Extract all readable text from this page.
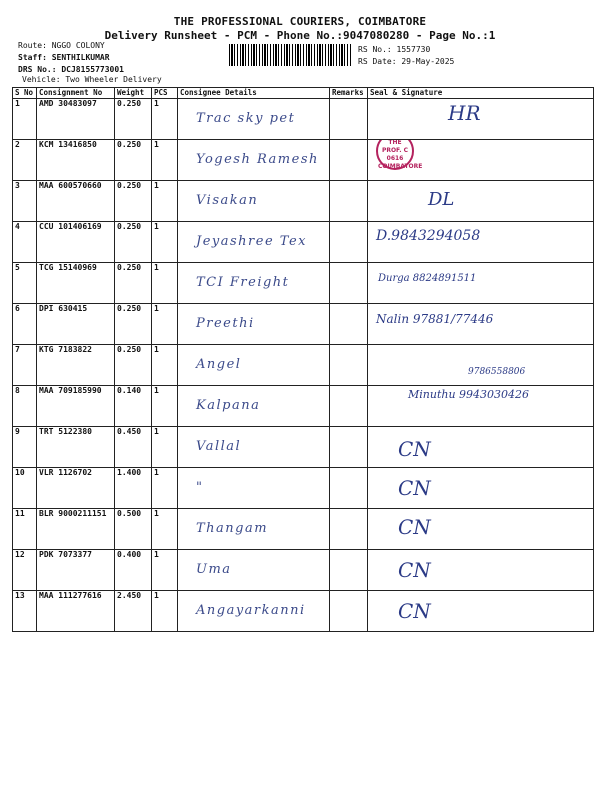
THE PROFESSIONAL COURIERS, COIMBATORE
Delivery Runsheet - PCM - Phone No.:9047080280 - Page No.:1
Route: NGGO COLONY
Staff: SENTHILKUMAR
DRS No.: DCJ8155773001
Vehicle: Two Wheeler Delivery
RS No.: 1557730
RS Date: 29-May-2025
S No	Consignment No	Weight	PCS	Consignee Details	Remarks	Seal & Signature
1	AMD 30483097	0.250	1	Trac sky pet		HR

2	KCM 13416850	0.250	1	Yogesh Ramesh		THE PROF. C
0616
COIMBATORE

3	MAA 600570660	0.250	1	Visakan		DL

4	CCU 101406169	0.250	1	Jeyashree Tex		D.9843294058

5	TCG 15140969	0.250	1	TCI Freight		Durga 8824891511

6	DPI 630415	0.250	1	Preethi		Nalin 97881/77446

7	KTG 7183822	0.250	1	Angel		9786558806

8	MAA 709185990	0.140	1	Kalpana		Minuthu 9943030426

9	TRT 5122380	0.450	1	Vallal		CN

10	VLR 1126702	1.400	1	"		CN

11	BLR 9000211151	0.500	1	Thangam		CN

12	PDK 7073377	0.400	1	Uma		CN

13	MAA 111277616	2.450	1	Angayarkanni		CN
